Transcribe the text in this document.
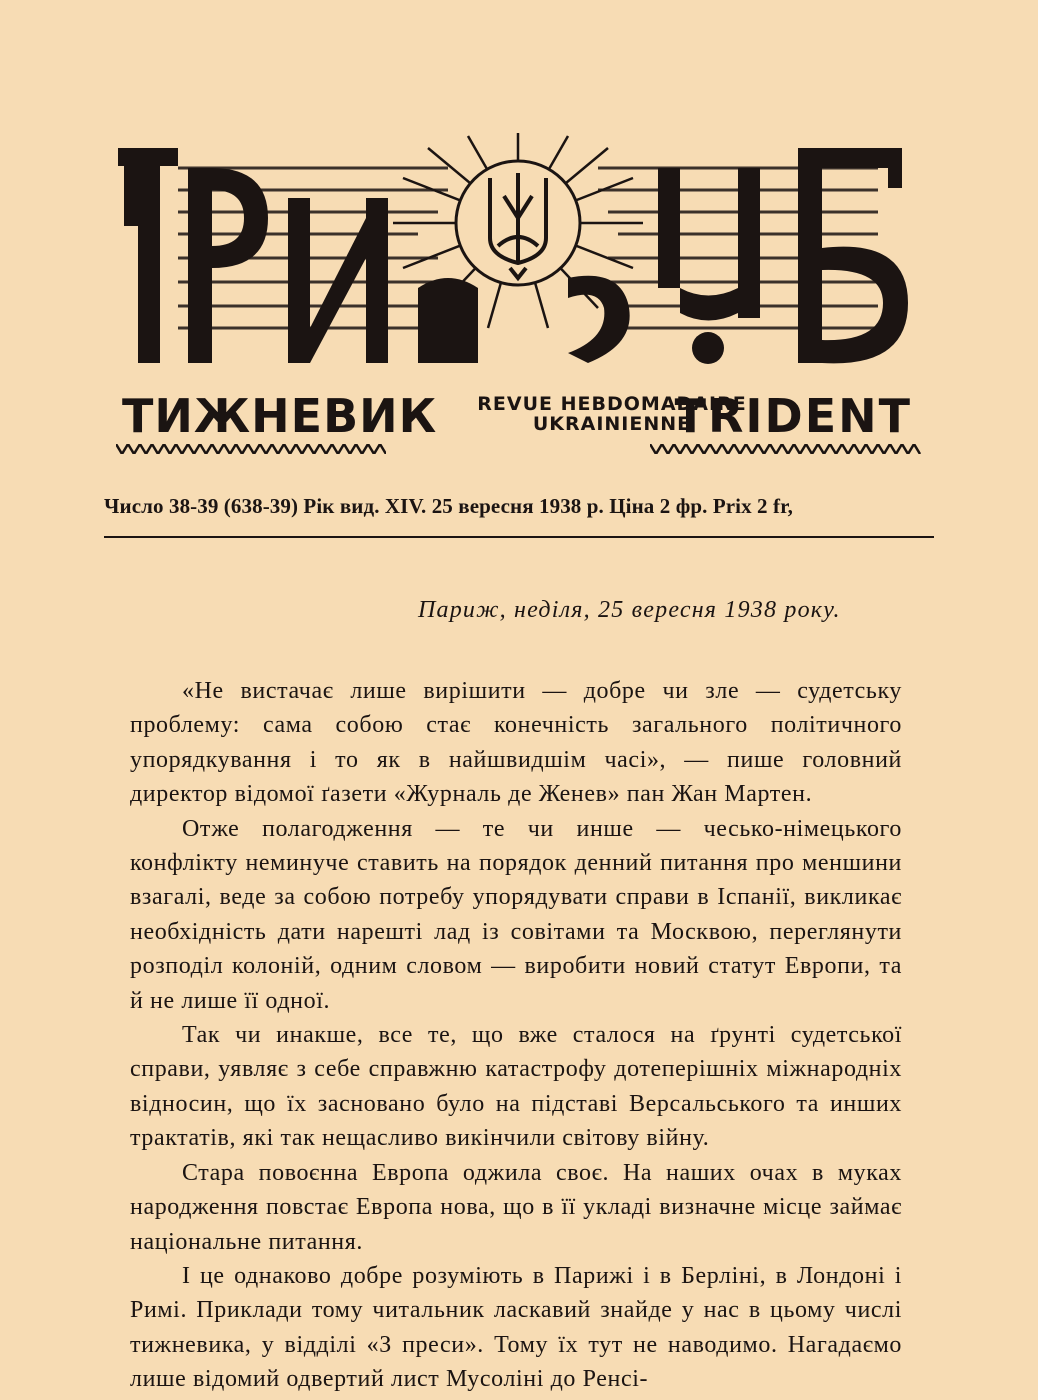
ТИЖНЕВИК REVUE HEBDOMADAIRE
UKRAINIENNE
TRIDENT
Число 38-39 (638-39) Рік вид. XIV. 25 вересня 1938 р. Ціна 2 фр. Prix 2 fr,
Париж, неділя, 25 вересня 1938 року.

«Не вистачає лише вирішити — добре чи зле — судетську проблему: сама собою стає конечність загального політичного упорядкування і то як в найшвидшім часі», — пише головний директор відомої ґазети «Журналь де Женев» пан Жан Мартен.

Отже полагодження — те чи инше — чесько-німецького конфлікту неминуче ставить на порядок денний питання про меншини взагалі, веде за собою потребу упорядувати справи в Іспанії, викликає необхідність дати нарешті лад із совітами та Москвою, переглянути розподіл колоній, одним словом — виробити новий статут Европи, та й не лише її одної.

Так чи инакше, все те, що вже сталося на ґрунті судетської справи, уявляє з себе справжню катастрофу дотеперішніх міжнародніх відносин, що їх засновано було на підставі Версальського та инших трактатів, які так нещасливо викінчили світову війну.

Стара повоєнна Европа оджила своє. На наших очах в муках народження повстає Европа нова, що в її укладі визначне місце займає національне питання.

І це однаково добре розуміють в Парижі і в Берліні, в Лондоні і Римі. Приклади тому читальник ласкавий знайде у нас в цьому числі тижневика, у відділі «З преси». Тому їх тут не наводимо. Нагадаємо лише відомий одвертий лист Мусоліні до Ренсі-
